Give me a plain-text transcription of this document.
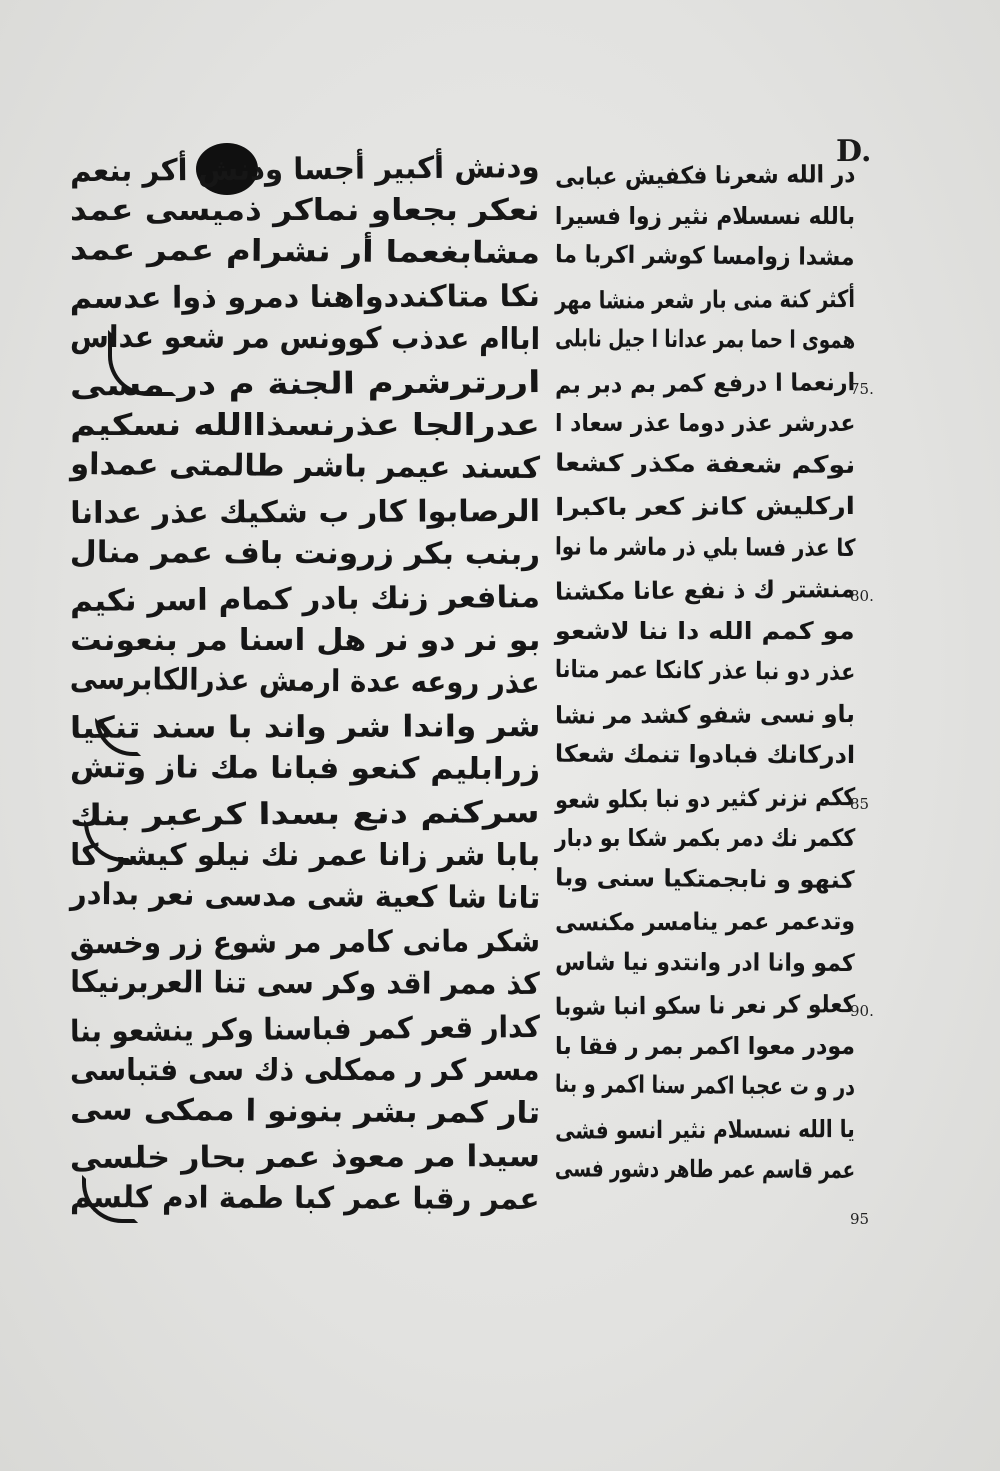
D.
ودنش أكبير أجسا ودنش أكر بنعم
نعكر بجعاو نماكر ذميسى عمد
مشابغعما أر نشرام عمر عمد
نكا متاكنددواهنا دمرو ذوا عدسم
اباام عدذب كوونس مر شعو عداس
اررترشرم الجنة م در مسى
عدرالجا عذرنسذاالله نسكيم
كسند عيمر باشر طالمتى عمداو
الرصابوا كار ب شكيك عذر عدانا
ربنب بكر زرونت باف عمر منال
منافعر زنك بادر كمام اسر نكيم
بو نر دو نر هل اسنا مر بنعونت
عذر روعه عدة ارمش عذرالكابرسى
شر واندا شر واند با سند تنكيا
زرابليم كنعو فبانا مك ناز وتش
سركنم دنع بسدا كرعبر بنك
بابا شر زانا عمر نك نيلو كيشر كا
تانا شا كعية شى مدسى نعر بدادر
شكر مانى كامر مر شوع زر وخسق
كذ ممر اقد وكر سى تنا العربرنيكا
كدار قعر كمر فباسنا وكر ينشعو بنا
مسر كر ر ممكلى ذك سى فتباسى
تار كمر بشر بنونو ا ممكى سى
سيدا مر معوذ عمر بحار خلسى
عمر رقبا عمر كبا طمة ادم كلسم
در الله شعرنا فكفيش عبابى
بالله نسسلام نثير زوا فسيرا
مشدا زوامسا كوشر اكربا ما
أكثر كنة منى بار شعر منشا مهر
هموى ا حما بمر عدانا ا جيل نابلى
ارنعما ا درفع كمر بم دبر بم
عدرشر عذر دوما عذر سعاد ا
نوكم شعفة مكذر كشعا
اركليش كانز كعر باكبرا
كا عذر فسا بلي ذر ماشر ما نوا
منشتر ك ذ نفع عانا مكشنا
مو كمم الله دا ننا لاشعو
عذر دو نبا عذر كانكا عمر متانا
باو نسى شفو كشد مر نشا
ادركانك فبادوا تنمك شعكا
ككم نزنر كثير دو نبا بكلو شعو
ككمر نك دمر بكمر شكا بو دبار
كنهو و نابجمتكيا سنى وبا
وتدعمر عمر ينامسر مكنسى
كمو وانا ادر وانتدو نيا شاس
كعلو كر نعر نا سكو انبا شوبا
مودر معوا اكمر بمر ر فقا با
در و ت عجبا اكمر سنا اكمر و بنا
يا الله نسسلام نثير انسو فشى
عمر قاسم عمر طاهر دشور فسى
75.
80.
85
90.
95
